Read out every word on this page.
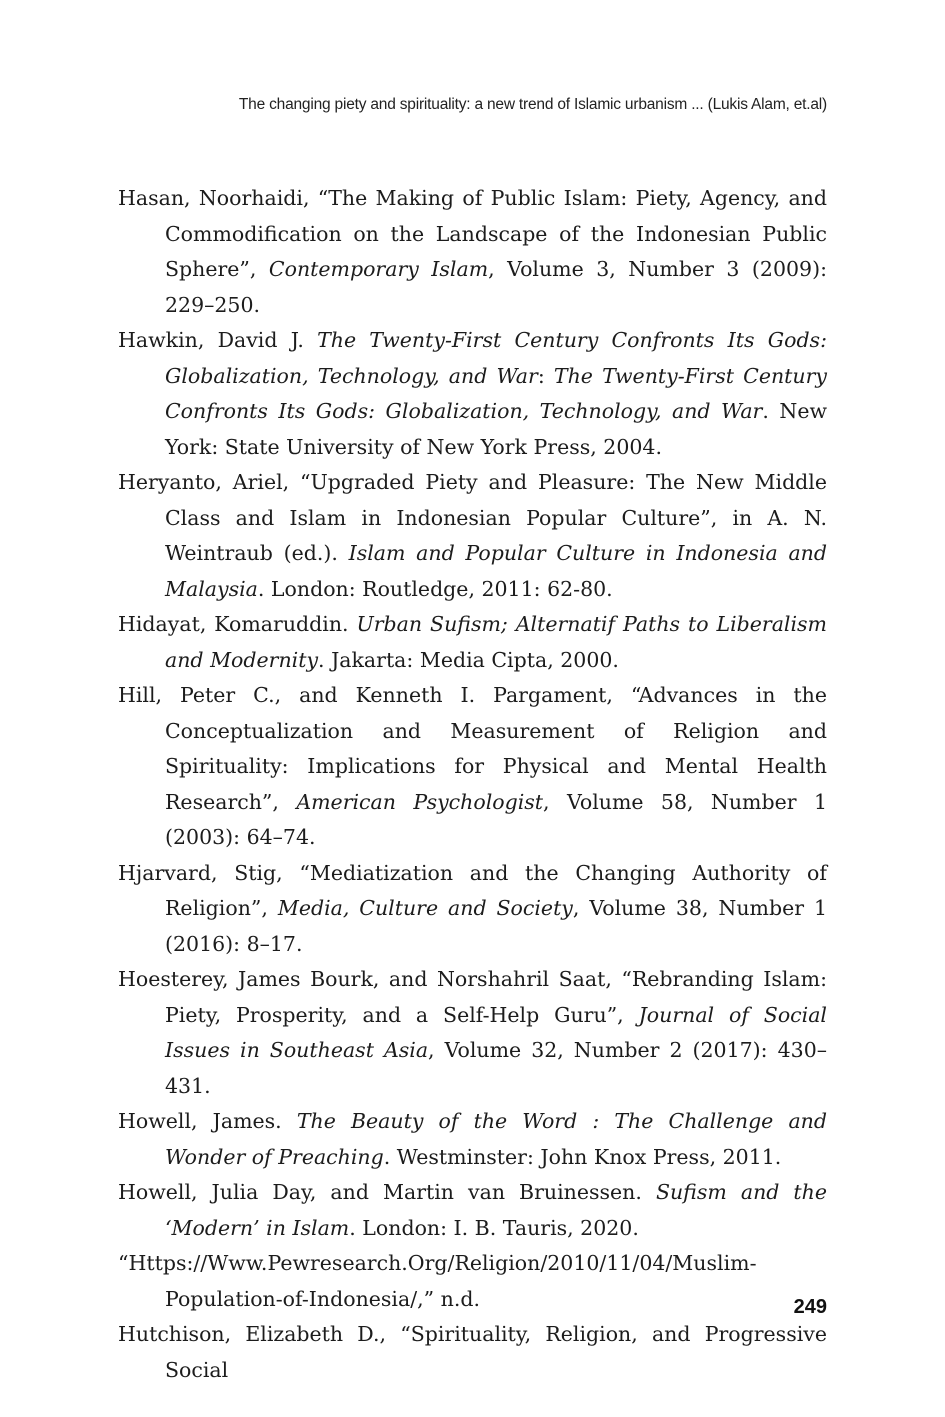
The changing piety and spirituality: a new trend of Islamic urbanism ... (Lukis Alam, et.al)

Hasan, Noorhaidi, “The Making of Public Islam: Piety, Agency, and Commodification on the Landscape of the Indonesian Public Sphere”, Contemporary Islam, Volume 3, Number 3 (2009): 229–250.

Hawkin, David J. The Twenty-First Century Confronts Its Gods: Globalization, Technology, and War: The Twenty-First Century Confronts Its Gods: Globalization, Technology, and War. New York: State University of New York Press, 2004.

Heryanto, Ariel, “Upgraded Piety and Pleasure: The New Middle Class and Islam in Indonesian Popular Culture”, in A. N. Weintraub (ed.). Islam and Popular Culture in Indonesia and Malaysia. London: Routledge, 2011: 62-80.

Hidayat, Komaruddin. Urban Sufism; Alternatif Paths to Liberalism and Modernity. Jakarta: Media Cipta, 2000.

Hill, Peter C., and Kenneth I. Pargament, “Advances in the Conceptualization and Measurement of Religion and Spirituality: Implications for Physical and Mental Health Research”, American Psychologist, Volume 58, Number 1 (2003): 64–74.

Hjarvard, Stig, “Mediatization and the Changing Authority of Religion”, Media, Culture and Society, Volume 38, Number 1 (2016): 8–17.

Hoesterey, James Bourk, and Norshahril Saat, “Rebranding Islam: Piety, Prosperity, and a Self-Help Guru”, Journal of Social Issues in Southeast Asia, Volume 32, Number 2 (2017): 430–431.

Howell, James. The Beauty of the Word : The Challenge and Wonder of Preaching. Westminster: John Knox Press, 2011.

Howell, Julia Day, and Martin van Bruinessen. Sufism and the ‘Modern’ in Islam. London: I. B. Tauris, 2020.

“Https://Www.Pewresearch.Org/Religion/2010/11/04/Muslim-Population-of-Indonesia/,” n.d.

Hutchison, Elizabeth D., “Spirituality, Religion, and Progressive Social

249
